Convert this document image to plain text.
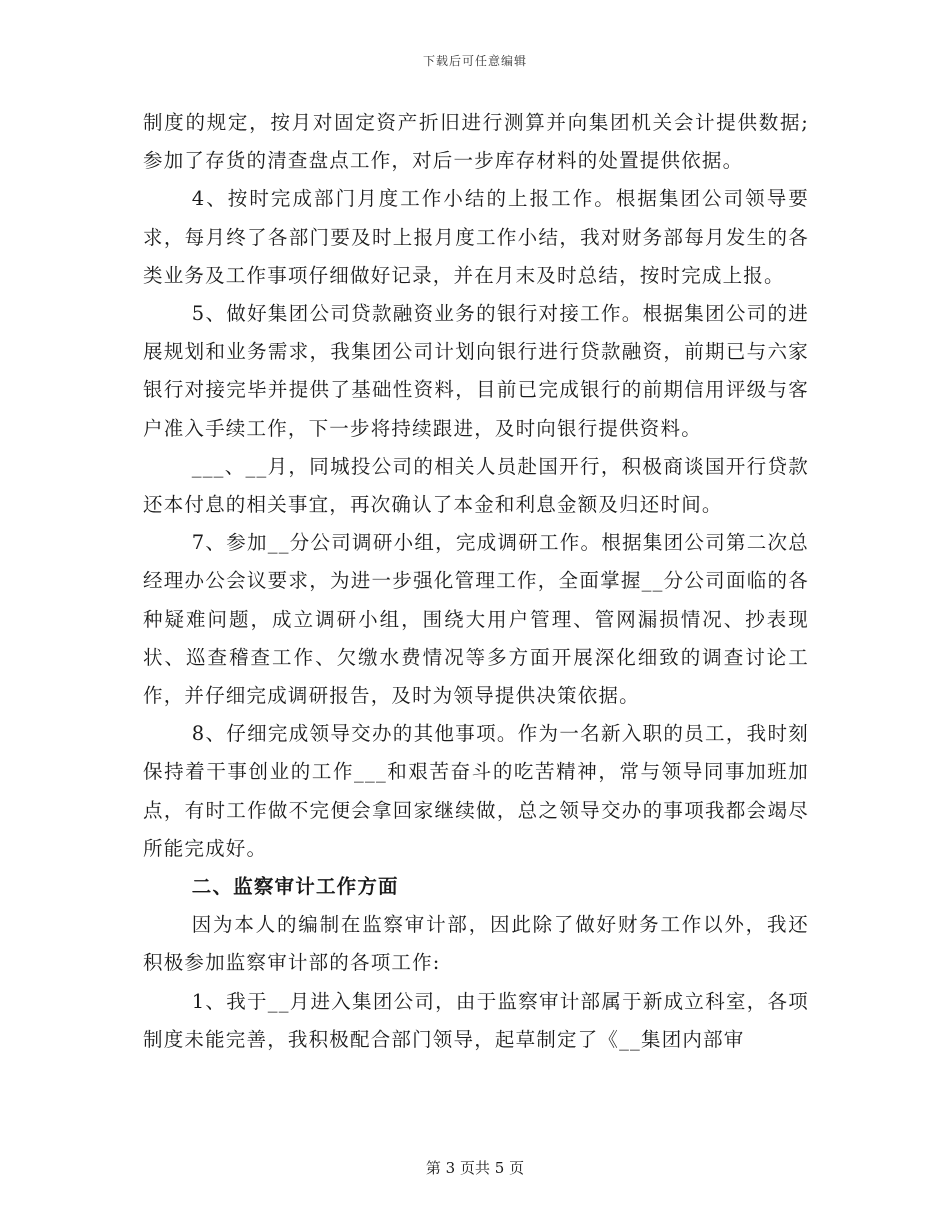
下载后可任意编辑

制度的规定，按月对固定资产折旧进行测算并向集团机关会计提供数据;参加了存货的清查盘点工作，对后一步库存材料的处置提供依据。

4、按时完成部门月度工作小结的上报工作。根据集团公司领导要求，每月终了各部门要及时上报月度工作小结，我对财务部每月发生的各类业务及工作事项仔细做好记录，并在月末及时总结，按时完成上报。

5、做好集团公司贷款融资业务的银行对接工作。根据集团公司的进展规划和业务需求，我集团公司计划向银行进行贷款融资，前期已与六家银行对接完毕并提供了基础性资料，目前已完成银行的前期信用评级与客户准入手续工作，下一步将持续跟进，及时向银行提供资料。

___、__月，同城投公司的相关人员赴国开行，积极商谈国开行贷款还本付息的相关事宜，再次确认了本金和利息金额及归还时间。

7、参加__分公司调研小组，完成调研工作。根据集团公司第二次总经理办公会议要求，为进一步强化管理工作，全面掌握__分公司面临的各种疑难问题，成立调研小组，围绕大用户管理、管网漏损情况、抄表现状、巡查稽查工作、欠缴水费情况等多方面开展深化细致的调查讨论工作，并仔细完成调研报告，及时为领导提供决策依据。

8、仔细完成领导交办的其他事项。作为一名新入职的员工，我时刻保持着干事创业的工作___和艰苦奋斗的吃苦精神，常与领导同事加班加点，有时工作做不完便会拿回家继续做，总之领导交办的事项我都会竭尽所能完成好。

二、监察审计工作方面

因为本人的编制在监察审计部，因此除了做好财务工作以外，我还积极参加监察审计部的各项工作:

1、我于__月进入集团公司，由于监察审计部属于新成立科室，各项制度未能完善，我积极配合部门领导，起草制定了《__集团内部审

第 3 页共 5 页
